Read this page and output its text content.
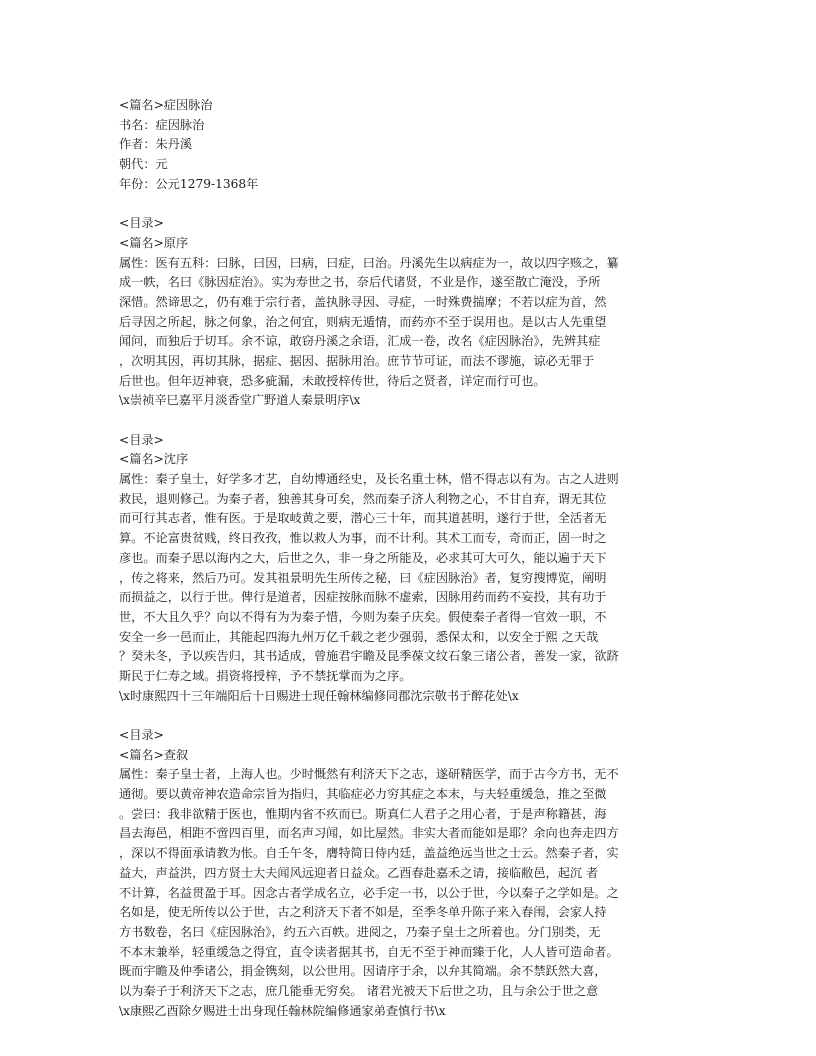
<篇名>症因脉治
书名：症因脉治
作者：朱丹溪
朝代：元
年份：公元1279-1368年
<目录>
<篇名>原序
属性：医有五科：曰脉，曰因，曰病，曰症，曰治。丹溪先生以病症为一，故以四字赅之，纂
成一帙，名曰《脉因症治》。实为寿世之书，奈后代诸贤，不业是作，遂至散亡淹没，予所
深惜。然谛思之，仍有难于宗行者，盖执脉寻因、寻症，一时殊费揣摩；不若以症为首，然
后寻因之所起，脉之何象，治之何宜，则病无遁情，而药亦不至于误用也。是以古人先重望
闻问，而独后于切耳。余不谅，敢窃丹溪之余语，汇成一卷，改名《症因脉治》，先辨其症
，次明其因，再切其脉，据症、据因、据脉用治。庶节节可证，而法不谬施，谅必无罪于
后世也。但年迈神衰，恐多疵漏，未敢授梓传世，待后之贤者，详定而行可也。
\x崇祯辛巳嘉平月淡香堂广野道人秦景明序\x
<目录>
<篇名>沈序
属性：秦子皇士，好学多才艺，自幼博通经史，及长名重士林，惜不得志以有为。古之人进则
救民，退则修己。为秦子者，独善其身可矣，然而秦子济人利物之心，不甘自弃，谓无其位
而可行其志者，惟有医。于是取岐黄之要，潜心三十年，而其道甚明，遂行于世，全活者无
算。不论富贵贫贱，终日孜孜，惟以救人为事，而不计利。其术工而专，奇而正，固一时之
彦也。而秦子思以海内之大，后世之久，非一身之所能及，必求其可大可久，能以遍于天下
，传之将来，然后乃可。发其祖景明先生所传之秘，曰《症因脉治》者，复穷搜博览，阐明
而损益之，以行于世。俾行是道者，因症按脉而脉不虚索，因脉用药而药不妄投，其有功于
世，不大且久乎？向以不得有为为秦子惜，今则为秦子庆矣。假使秦子者得一官效一职，不
安全一乡一邑而止，其能起四海九州万亿千载之老少强弱，悉保太和，以安全于熙 之天哉
？癸未冬，予以疾告归，其书适成，曾施君宇瞻及昆季葆文纹石象三诸公者，善发一家，欲跻
斯民于仁寿之域。捐资将授梓，予不禁抚掌而为之序。
\x时康熙四十三年端阳后十日赐进士现任翰林编修同郡沈宗敬书于醉花处\x
<目录>
<篇名>查叙
属性：秦子皇士者，上海人也。少时慨然有利济天下之志，遂研精医学，而于古今方书，无不
通彻。要以黄帝神农造命宗旨为指归，其临症必力穷其症之本末，与夫轻重缓急，推之至微
。尝曰：我非欲精于医也，惟期内省不疚而已。斯真仁人君子之用心者，于是声称籍甚，海
昌去海邑，相距不啻四百里，而名声习闻，如比屋然。非实大者而能如是耶？余向也奔走四方
，深以不得面承请教为怅。自壬午冬，膺特简日侍内廷，盖益绝远当世之士云。然秦子者，实
益大，声益洪，四方贤士大夫闻风远迎者日益众。乙酉春赴嘉禾之请，接临敝邑，起沉 者
不计算，名益贯盈于耳。因念古者学成名立，必手定一书，以公于世，今以秦子之学如是。之
名如是，使无所传以公于世，古之利济天下者不如是，至季冬单升陈子来入春闱，会家人持
方书数卷，名曰《症因脉治》，约五六百帙。进阅之，乃秦子皇士之所着也。分门别类，无
不本末兼举，轻重缓急之得宜，直令读者据其书，自无不至于神而臻于化，人人皆可造命者。
既而宇瞻及仲季诸公，捐金镌刻，以公世用。因请序于余，以弁其简端。余不禁跃然大喜，
以为秦子于利济天下之志，庶几能垂无穷矣。 诸君光被天下后世之功，且与余公于世之意
\x康熙乙酉除夕赐进士出身现任翰林院编修通家弟查慎行书\x
